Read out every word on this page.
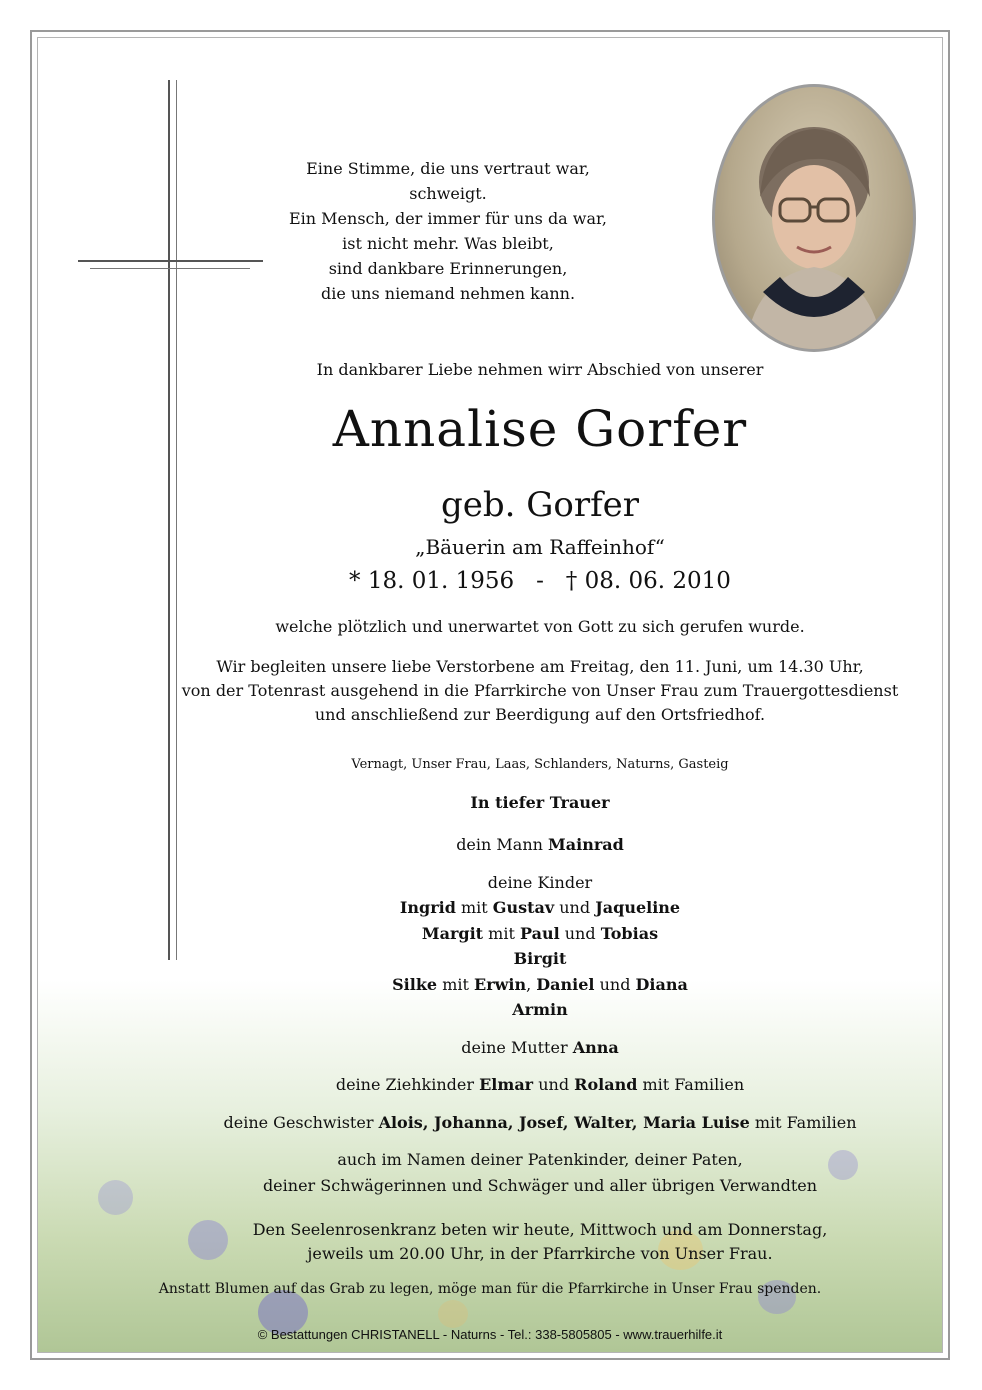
Eine Stimme, die uns vertraut war, schweigt.
Ein Mensch, der immer für uns da war,
ist nicht mehr. Was bleibt,
sind dankbare Erinnerungen,
die uns niemand nehmen kann.
In dankbarer Liebe nehmen wirr Abschied von unserer
Annalise Gorfer
geb. Gorfer
„Bäuerin am Raffeinhof“
* 18. 01. 1956   -   † 08. 06. 2010
welche plötzlich und unerwartet von Gott zu sich gerufen wurde.
Wir begleiten unsere liebe Verstorbene am Freitag, den 11. Juni, um 14.30 Uhr,
von der Totenrast ausgehend in die Pfarrkirche von Unser Frau zum Trauergottesdienst
und anschließend zur Beerdigung auf den Ortsfriedhof.
Vernagt, Unser Frau, Laas, Schlanders, Naturns, Gasteig
In tiefer Trauer
dein Mann Mainrad
deine Kinder
Ingrid mit Gustav und Jaqueline
Margit mit Paul und Tobias
Birgit
Silke mit Erwin, Daniel und Diana
Armin
deine Mutter Anna
deine Ziehkinder Elmar und Roland mit Familien
deine Geschwister Alois, Johanna, Josef, Walter, Maria Luise mit Familien
auch im Namen deiner Patenkinder, deiner Paten,
deiner Schwägerinnen und Schwäger und aller übrigen Verwandten
Den Seelenrosenkranz beten wir heute, Mittwoch und am Donnerstag,
jeweils um 20.00 Uhr, in der Pfarrkirche von Unser Frau.
Anstatt Blumen auf das Grab zu legen, möge man für die Pfarrkirche in Unser Frau spenden.
© Bestattungen CHRISTANELL - Naturns - Tel.: 338-5805805 - www.trauerhilfe.it
